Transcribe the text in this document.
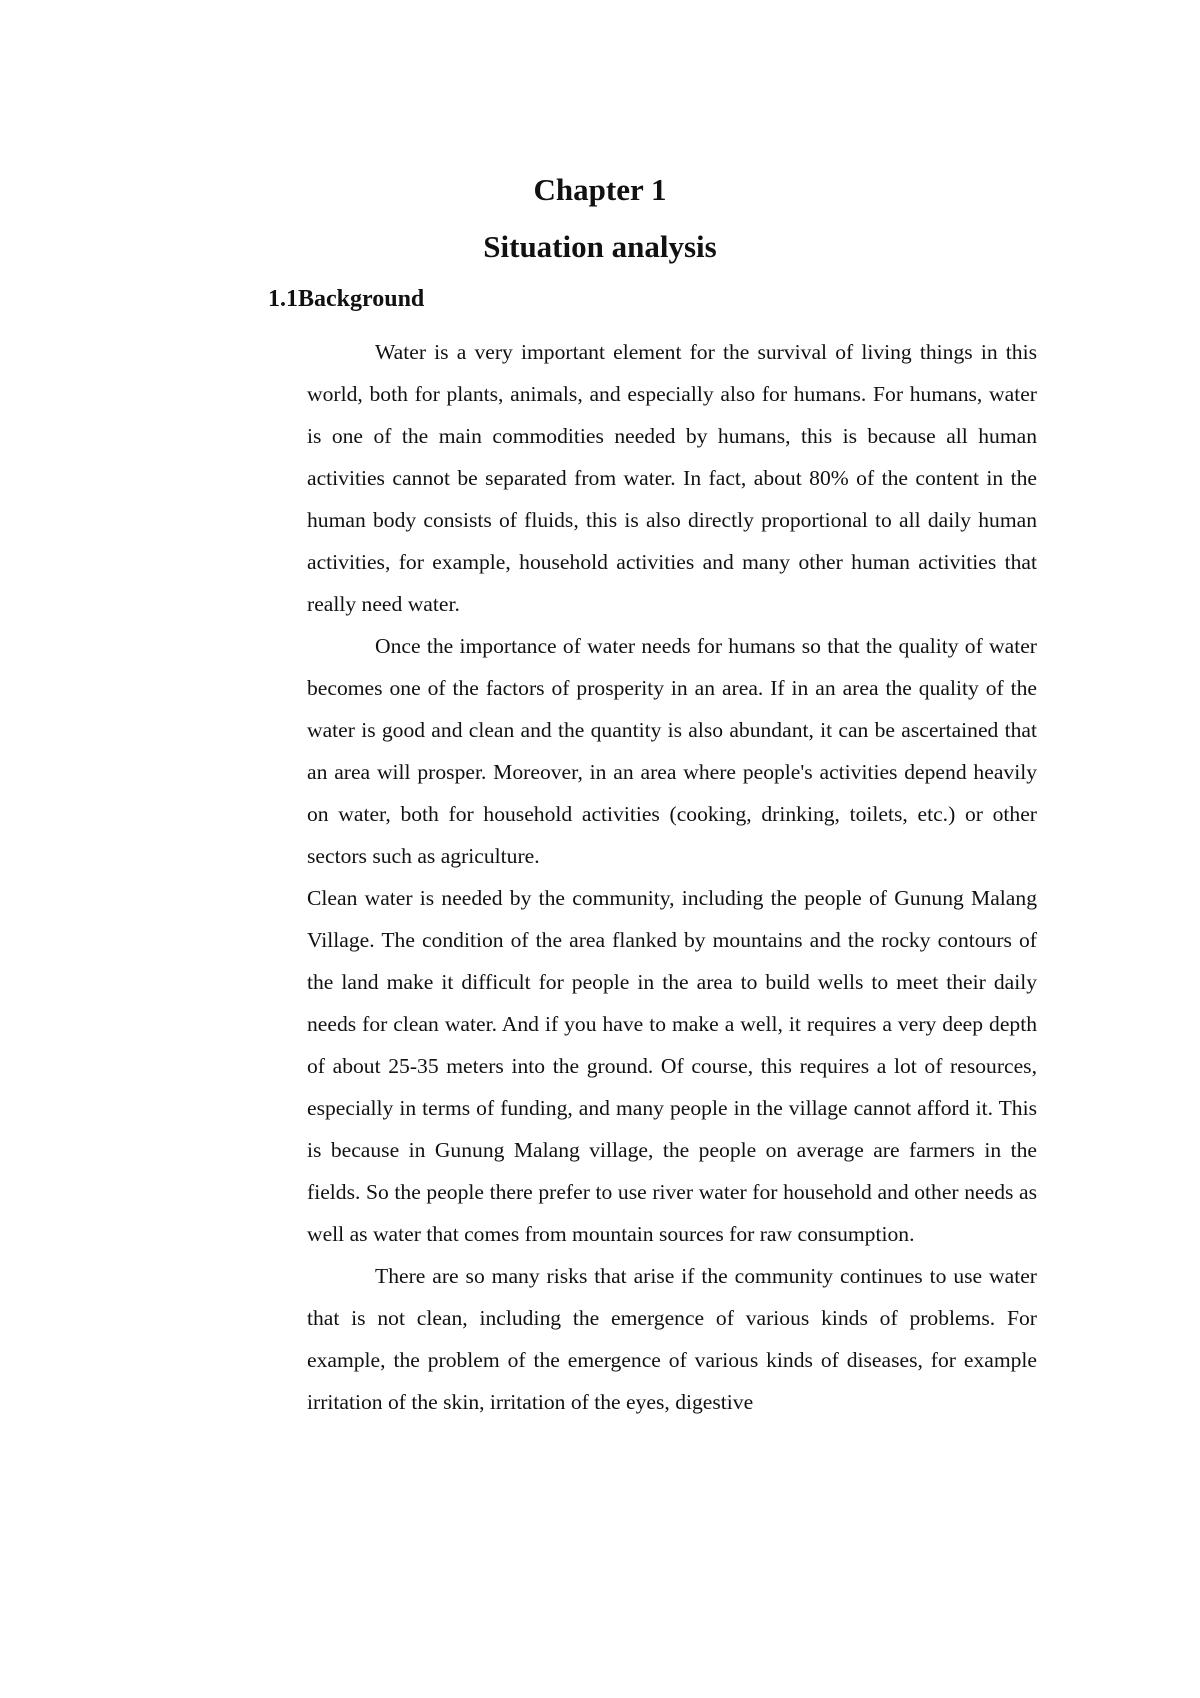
Chapter 1
Situation analysis
1.1Background

Water is a very important element for the survival of living things in this world, both for plants, animals, and especially also for humans. For humans, water is one of the main commodities needed by humans, this is because all human activities cannot be separated from water. In fact, about 80% of the content in the human body consists of fluids, this is also directly proportional to all daily human activities, for example, household activities and many other human activities that really need water.

Once the importance of water needs for humans so that the quality of water becomes one of the factors of prosperity in an area. If in an area the quality of the water is good and clean and the quantity is also abundant, it can be ascertained that an area will prosper. Moreover, in an area where people's activities depend heavily on water, both for household activities (cooking, drinking, toilets, etc.) or other sectors such as agriculture.

Clean water is needed by the community, including the people of Gunung Malang Village. The condition of the area flanked by mountains and the rocky contours of the land make it difficult for people in the area to build wells to meet their daily needs for clean water. And if you have to make a well, it requires a very deep depth of about 25-35 meters into the ground. Of course, this requires a lot of resources, especially in terms of funding, and many people in the village cannot afford it. This is because in Gunung Malang village, the people on average are farmers in the fields. So the people there prefer to use river water for household and other needs as well as water that comes from mountain sources for raw consumption.

There are so many risks that arise if the community continues to use water that is not clean, including the emergence of various kinds of problems. For example, the problem of the emergence of various kinds of diseases, for example irritation of the skin, irritation of the eyes, digestive
